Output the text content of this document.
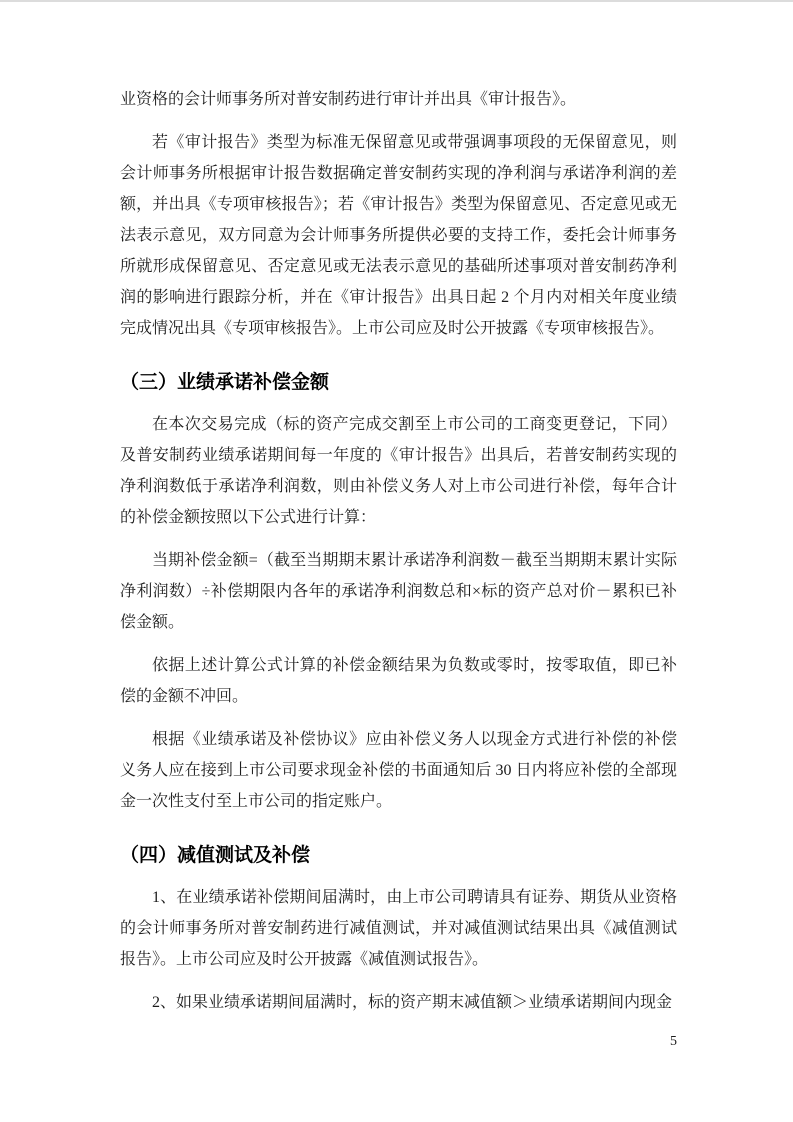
业资格的会计师事务所对普安制药进行审计并出具《审计报告》。

若《审计报告》类型为标准无保留意见或带强调事项段的无保留意见，则会计师事务所根据审计报告数据确定普安制药实现的净利润与承诺净利润的差额，并出具《专项审核报告》；若《审计报告》类型为保留意见、否定意见或无法表示意见，双方同意为会计师事务所提供必要的支持工作，委托会计师事务所就形成保留意见、否定意见或无法表示意见的基础所述事项对普安制药净利润的影响进行跟踪分析，并在《审计报告》出具日起 2 个月内对相关年度业绩完成情况出具《专项审核报告》。上市公司应及时公开披露《专项审核报告》。

（三）业绩承诺补偿金额

在本次交易完成（标的资产完成交割至上市公司的工商变更登记，下同）及普安制药业绩承诺期间每一年度的《审计报告》出具后，若普安制药实现的净利润数低于承诺净利润数，则由补偿义务人对上市公司进行补偿，每年合计的补偿金额按照以下公式进行计算：

当期补偿金额=（截至当期期末累计承诺净利润数－截至当期期末累计实际净利润数）÷补偿期限内各年的承诺净利润数总和×标的资产总对价－累积已补偿金额。

依据上述计算公式计算的补偿金额结果为负数或零时，按零取值，即已补偿的金额不冲回。

根据《业绩承诺及补偿协议》应由补偿义务人以现金方式进行补偿的补偿义务人应在接到上市公司要求现金补偿的书面通知后 30 日内将应补偿的全部现金一次性支付至上市公司的指定账户。

（四）减值测试及补偿

1、在业绩承诺补偿期间届满时，由上市公司聘请具有证券、期货从业资格的会计师事务所对普安制药进行减值测试，并对减值测试结果出具《减值测试报告》。上市公司应及时公开披露《减值测试报告》。

2、如果业绩承诺期间届满时，标的资产期末减值额＞业绩承诺期间内现金

5
